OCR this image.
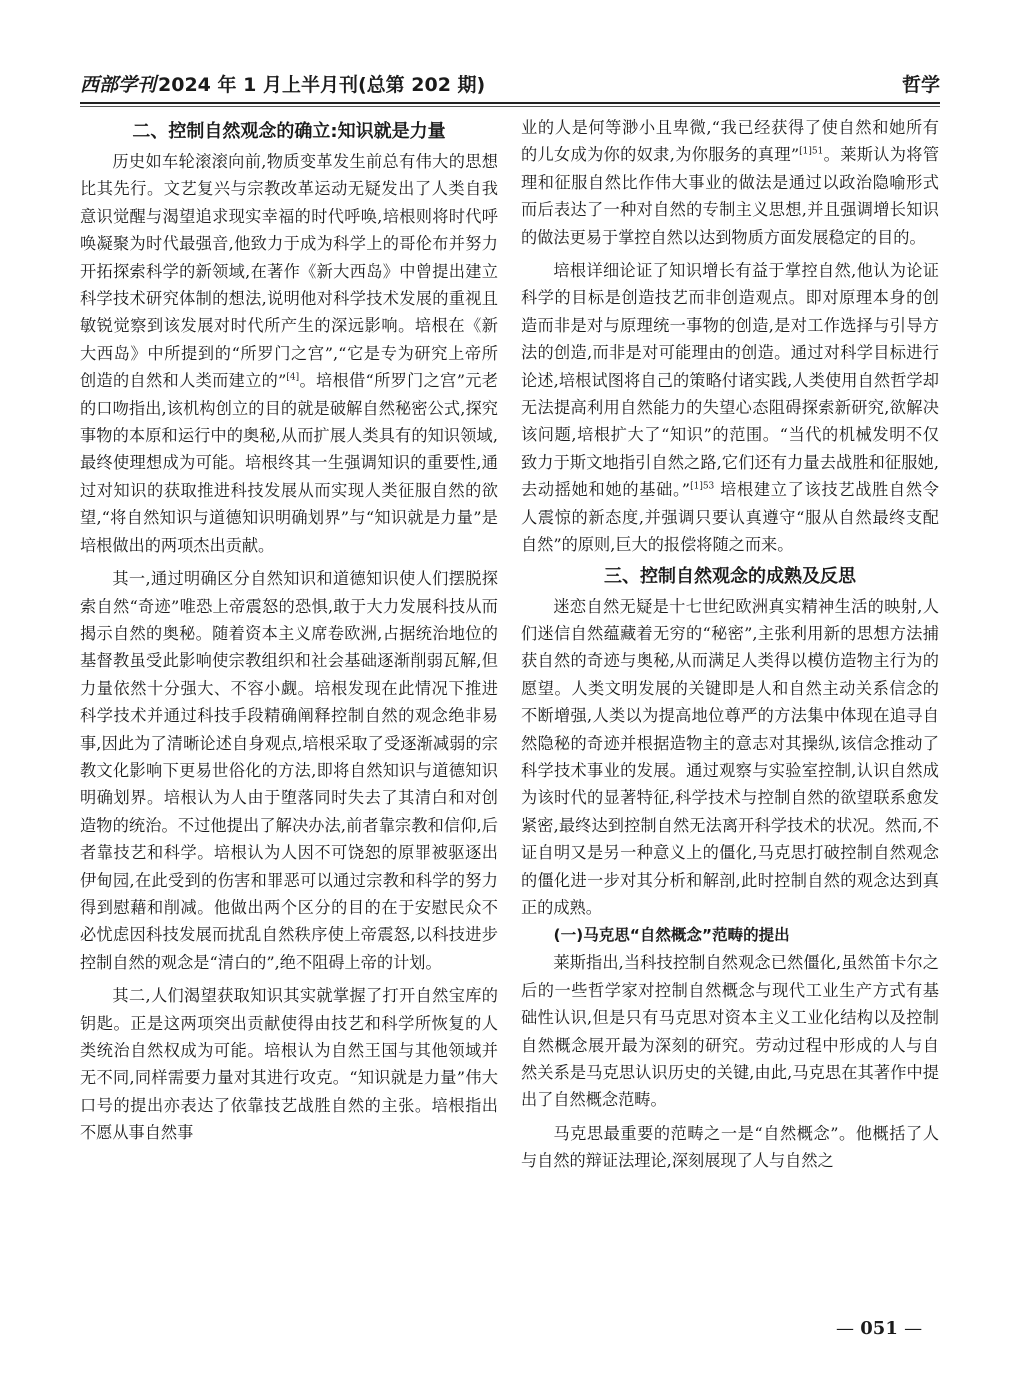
西部学刊 2024 年 1 月上半月刊(总第 202 期)	哲学
二、控制自然观念的确立:知识就是力量

历史如车轮滚滚向前,物质变革发生前总有伟大的思想比其先行。文艺复兴与宗教改革运动无疑发出了人类自我意识觉醒与渴望追求现实幸福的时代呼唤,培根则将时代呼唤凝聚为时代最强音,他致力于成为科学上的哥伦布并努力开拓探索科学的新领域,在著作《新大西岛》中曾提出建立科学技术研究体制的想法,说明他对科学技术发展的重视且敏锐觉察到该发展对时代所产生的深远影响。培根在《新大西岛》中所提到的“所罗门之宫”,“它是专为研究上帝所创造的自然和人类而建立的”[4]。培根借“所罗门之宫”元老的口吻指出,该机构创立的目的就是破解自然秘密公式,探究事物的本原和运行中的奥秘,从而扩展人类具有的知识领域,最终使理想成为可能。培根终其一生强调知识的重要性,通过对知识的获取推进科技发展从而实现人类征服自然的欲望,“将自然知识与道德知识明确划界”与“知识就是力量”是培根做出的两项杰出贡献。

其一,通过明确区分自然知识和道德知识使人们摆脱探索自然“奇迹”唯恐上帝震怒的恐惧,敢于大力发展科技从而揭示自然的奥秘。随着资本主义席卷欧洲,占据统治地位的基督教虽受此影响使宗教组织和社会基础逐渐削弱瓦解,但力量依然十分强大、不容小觑。培根发现在此情况下推进科学技术并通过科技手段精确阐释控制自然的观念绝非易事,因此为了清晰论述自身观点,培根采取了受逐渐减弱的宗教文化影响下更易世俗化的方法,即将自然知识与道德知识明确划界。培根认为人由于堕落同时失去了其清白和对创造物的统治。不过他提出了解决办法,前者靠宗教和信仰,后者靠技艺和科学。培根认为人因不可饶恕的原罪被驱逐出伊甸园,在此受到的伤害和罪恶可以通过宗教和科学的努力得到慰藉和削减。他做出两个区分的目的在于安慰民众不必忧虑因科技发展而扰乱自然秩序使上帝震怒,以科技进步控制自然的观念是“清白的”,绝不阻碍上帝的计划。

其二,人们渴望获取知识其实就掌握了打开自然宝库的钥匙。正是这两项突出贡献使得由技艺和科学所恢复的人类统治自然权成为可能。培根认为自然王国与其他领域并无不同,同样需要力量对其进行攻克。“知识就是力量”伟大口号的提出亦表达了依靠技艺战胜自然的主张。培根指出不愿从事自然事

业的人是何等渺小且卑微,“我已经获得了使自然和她所有的儿女成为你的奴隶,为你服务的真理”$^{[1]51}$。莱斯认为将管理和征服自然比作伟大事业的做法是通过以政治隐喻形式而后表达了一种对自然的专制主义思想,并且强调增长知识的做法更易于掌控自然以达到物质方面发展稳定的目的。

培根详细论证了知识增长有益于掌控自然,他认为论证科学的目标是创造技艺而非创造观点。即对原理本身的创造而非是对与原理统一事物的创造,是对工作选择与引导方法的创造,而非是对可能理由的创造。通过对科学目标进行论述,培根试图将自己的策略付诸实践,人类使用自然哲学却无法提高利用自然能力的失望心态阻碍探索新研究,欲解决该问题,培根扩大了“知识”的范围。“当代的机械发明不仅致力于斯文地指引自然之路,它们还有力量去战胜和征服她,去动摇她和她的基础。”$^{[1]53}$ 培根建立了该技艺战胜自然令人震惊的新态度,并强调只要认真遵守“服从自然最终支配自然”的原则,巨大的报偿将随之而来。

三、控制自然观念的成熟及反思

迷恋自然无疑是十七世纪欧洲真实精神生活的映射,人们迷信自然蕴藏着无穷的“秘密”,主张利用新的思想方法捕获自然的奇迹与奥秘,从而满足人类得以模仿造物主行为的愿望。人类文明发展的关键即是人和自然主动关系信念的不断增强,人类以为提高地位尊严的方法集中体现在追寻自然隐秘的奇迹并根据造物主的意志对其操纵,该信念推动了科学技术事业的发展。通过观察与实验室控制,认识自然成为该时代的显著特征,科学技术与控制自然的欲望联系愈发紧密,最终达到控制自然无法离开科学技术的状况。然而,不证自明又是另一种意义上的僵化,马克思打破控制自然观念的僵化进一步对其分析和解剖,此时控制自然的观念达到真正的成熟。

(一)马克思“自然概念”范畴的提出

莱斯指出,当科技控制自然观念已然僵化,虽然笛卡尔之后的一些哲学家对控制自然概念与现代工业生产方式有基础性认识,但是只有马克思对资本主义工业化结构以及控制自然概念展开最为深刻的研究。劳动过程中形成的人与自然关系是马克思认识历史的关键,由此,马克思在其著作中提出了自然概念范畴。

马克思最重要的范畴之一是“自然概念”。他概括了人与自然的辩证法理论,深刻展现了人与自然之

— 051 —
